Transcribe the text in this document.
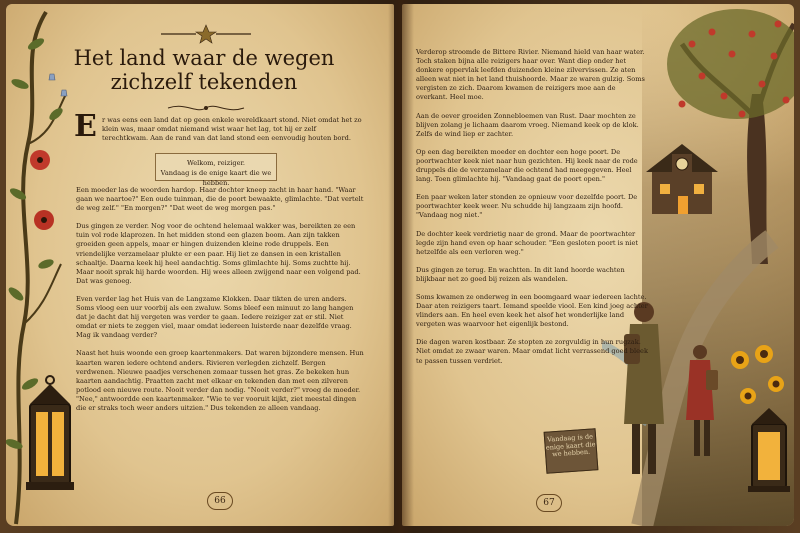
Het land waar de wegen zichzelf tekenden
E r was eens een land dat op geen enkele wereldkaart stond. Niet omdat het zo klein was, maar omdat niemand wist waar het lag, tot hij er zelf terechtkwam. Aan de rand van dat land stond een eenvoudig houten bord.
Welkom, reiziger.
Vandaag is de enige kaart die we hebben.

Een moeder las de woorden hardop. Haar dochter kneep zacht in haar hand. "Waar gaan we naartoe?" Een oude tuinman, die de poort bewaakte, glimlachte. "Dat vertelt de weg zelf." "En morgen?" "Dat weet de weg morgen pas."

Dus gingen ze verder. Nog voor de ochtend helemaal wakker was, bereikten ze een tuin vol rode klaprozen. In het midden stond een glazen boom. Aan zijn takken groeiden geen appels, maar er hingen duizenden kleine rode druppels. Een vriendelijke verzamelaar plukte er een paar. Hij liet ze dansen in een kristallen schaaltje. Daarna keek hij heel aandachtig. Soms glimlachte hij. Soms zuchtte hij. Maar nooit sprak hij harde woorden. Hij wees alleen zwijgend naar een volgend pad. Dat was genoeg.

Even verder lag het Huis van de Langzame Klokken. Daar tikten de uren anders. Soms vloog een uur voorbij als een zwaluw. Soms bleef een minuut zo lang hangen dat je dacht dat hij vergeten was verder te gaan. Iedere reiziger zat er stil. Niet omdat er niets te zeggen viel, maar omdat iedereen luisterde naar dezelfde vraag. Mag ik vandaag verder?

Naast het huis woonde een groep kaartenmakers. Dat waren bijzondere mensen. Hun kaarten waren iedere ochtend anders. Rivieren verlegden zichzelf. Bergen verdwenen. Nieuwe paadjes verschenen zomaar tussen het gras. Ze bekeken hun kaarten aandachtig. Praatten zacht met elkaar en tekenden dan met een zilveren potlood een nieuwe route. Nooit verder dan nodig. "Nooit verder?" vroeg de moeder. "Nee," antwoordde een kaartenmaker. "Wie te ver vooruit kijkt, ziet meestal dingen die er straks toch weer anders uitzien." Dus tekenden ze alleen vandaag.

66

Verderop stroomde de Bittere Rivier. Niemand hield van haar water. Toch staken bijna alle reizigers haar over. Want diep onder het donkere oppervlak leefden duizenden kleine zilvervissen. Ze aten alleen wat niet in het land thuishoorde. Maar ze waren gulzig. Soms vergisten ze zich. Daarom kwamen de reizigers moe aan de overkant. Heel moe.

Aan de oever groeiden Zonnebloemen van Rust. Daar mochten ze blijven zolang je lichaam daarom vroeg. Niemand keek op de klok. Zelfs de wind liep er zachter.

Op een dag bereikten moeder en dochter een hoge poort. De poortwachter keek niet naar hun gezichten. Hij keek naar de rode druppels die de verzamelaar die ochtend had meegegeven. Heel lang. Toen glimlachte hij. "Vandaag gaat de poort open."

Een paar weken later stonden ze opnieuw voor dezelfde poort. De poortwachter keek weer. Nu schudde hij langzaam zijn hoofd. "Vandaag nog niet."

De dochter keek verdrietig naar de grond. Maar de poortwachter legde zijn hand even op haar schouder. "Een gesloten poort is niet hetzelfde als een verloren weg."

Dus gingen ze terug. En wachtten. In dit land hoorde wachten blijkbaar net zo goed bij reizen als wandelen.

Soms kwamen ze onderweg in een boomgaard waar iedereen lachte. Daar aten reizigers taart. Iemand speelde viool. Een kind joeg achter vlinders aan. En heel even keek het alsof het wonderlijke land vergeten was waarvoor het eigenlijk bestond.

Die dagen waren kostbaar. Ze stopten ze zorgvuldig in hun rugzak. Niet omdat ze zwaar waren. Maar omdat licht verrassend goed bleek te passen tussen verdriet.

Vandaag is de enige kaart die we hebben.
67
